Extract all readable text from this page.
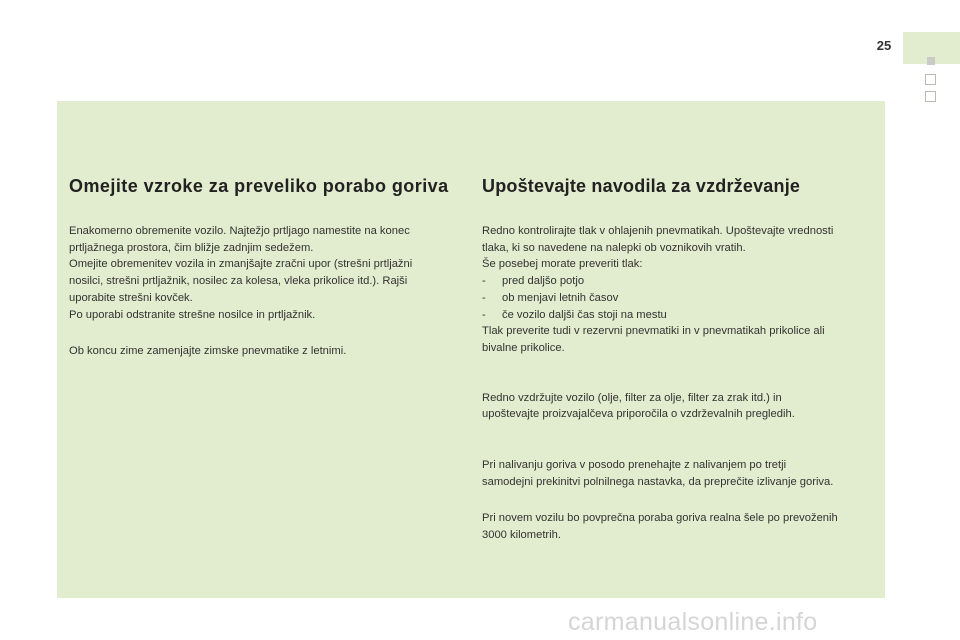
25
Omejite vzroke za preveliko porabo goriva

Enakomerno obremenite vozilo. Najtežjo prtljago namestite na konec
prtljažnega prostora, čim bližje zadnjim sedežem.
Omejite obremenitev vozila in zmanjšajte zračni upor (strešni prtljažni
nosilci, strešni prtljažnik, nosilec za kolesa, vleka prikolice itd.). Rajši
uporabite strešni kovček.
Po uporabi odstranite strešne nosilce in prtljažnik.

Ob koncu zime zamenjajte zimske pnevmatike z letnimi.

Upoštevajte navodila za vzdrževanje

Redno kontrolirajte tlak v ohlajenih pnevmatikah. Upoštevajte vrednosti
tlaka, ki so navedene na nalepki ob voznikovih vratih.
Še posebej morate preveriti tlak:

-	pred daljšo potjo

-	ob menjavi letnih časov

-	če vozilo daljši čas stoji na mestu

Tlak preverite tudi v rezervni pnevmatiki in v pnevmatikah prikolice ali
bivalne prikolice.

Redno vzdržujte vozilo (olje, filter za olje, filter za zrak itd.) in
upoštevajte proizvajalčeva priporočila o vzdrževalnih pregledih.

Pri nalivanju goriva v posodo prenehajte z nalivanjem po tretji
samodejni prekinitvi polnilnega nastavka, da preprečite izlivanje goriva.

Pri novem vozilu bo povprečna poraba goriva realna šele po prevoženih
3000 kilometrih.

carmanualsonline.info
